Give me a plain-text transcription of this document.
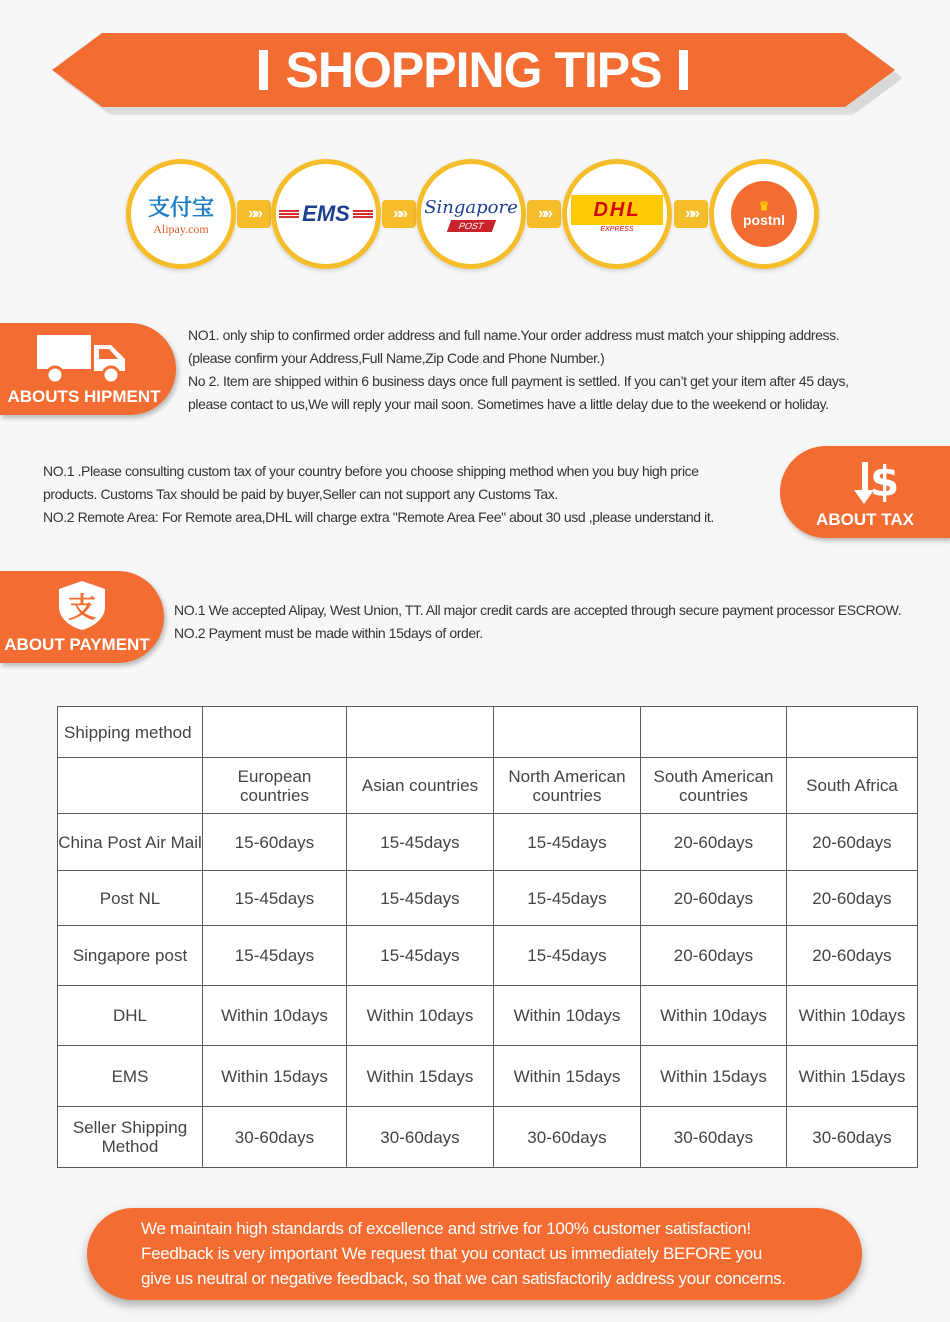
SHOPPING TIPS
支付宝
Alipay.com
»»	EMS	»»	Singapore
POST
»»	DHL
EXPRESS
»»	♛
postnl
ABOUTS HIPMENT
NO1. only ship to confirmed order address and full name.Your order address must match your shipping address.
(please confirm your Address,Full Name,Zip Code and Phone Number.)
No 2. Item are shipped within 6 business days once full payment is settled. If you can’t get your item after 45 days,
please contact to us,We will reply your mail soon. Sometimes have a little delay due to the weekend or holiday.
NO.1 .Please consulting custom tax of your country before you choose shipping method when you buy high price
products. Customs Tax should be paid by buyer,Seller can not support any Customs Tax.
NO.2 Remote Area: For Remote area,DHL will charge extra "Remote Area Fee" about 30 usd ,please understand it.
$
ABOUT TAX
支
ABOUT PAYMENT
NO.1 We accepted Alipay, West Union, TT. All major credit cards are accepted through secure payment processor ESCROW.
NO.2 Payment must be made within 15days of order.
Shipping method					
	European countries	Asian countries	North American countries	South American countries	South Africa
China Post Air Mail	15-60days	15-45days	15-45days	20-60days	20-60days
Post NL	15-45days	15-45days	15-45days	20-60days	20-60days
Singapore post	15-45days	15-45days	15-45days	20-60days	20-60days
DHL	Within 10days	Within 10days	Within 10days	Within 10days	Within 10days
EMS	Within 15days	Within 15days	Within 15days	Within 15days	Within 15days
Seller Shipping Method	30-60days	30-60days	30-60days	30-60days	30-60days
We maintain high standards of excellence and strive for 100% customer satisfaction!
Feedback is very important We request that you contact us immediately BEFORE you
give us neutral or negative feedback, so that we can satisfactorily address your concerns.
